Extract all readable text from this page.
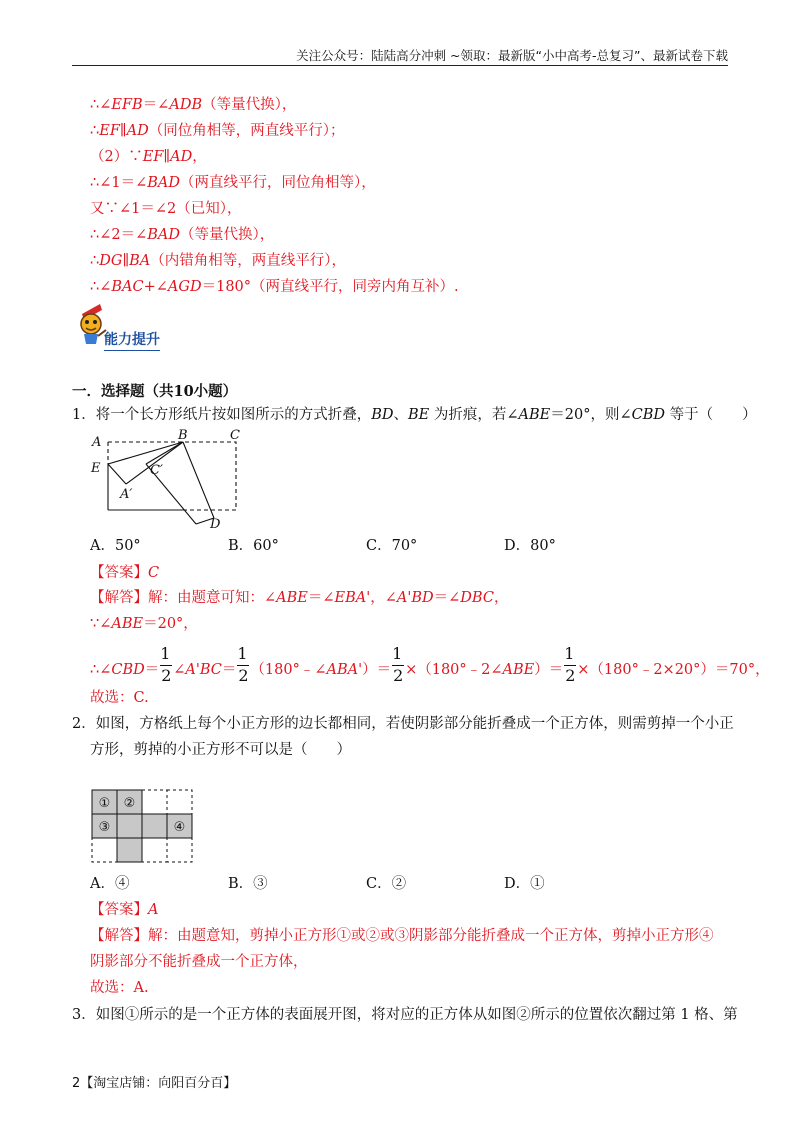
关注公众号：陆陆高分冲刺 ~领取：最新版“小中高考-总复习”、最新试卷下载
∴∠EFB＝∠ADB（等量代换），
∴EF∥AD（同位角相等，两直线平行）；
（2）∵EF∥AD，
∴∠1＝∠BAD（两直线平行，同位角相等），
又∵∠1＝∠2（已知），
∴∠2＝∠BAD（等量代换），
∴DG∥BA（内错角相等，两直线平行），
∴∠BAC+∠AGD＝180°（两直线平行，同旁内角互补）.
能力提升
一．选择题（共10小题）
1．将一个长方形纸片按如图所示的方式折叠，BD、BE 为折痕，若∠ABE＝20°，则∠CBD 等于（　　）
A	B	C
E	C′
A′
D
A．50°	B．60°	C．70°	D．80°
【答案】C
【解答】解：由题意可知：∠ABE＝∠EBA'，∠A'BD＝∠DBC，
∵∠ABE＝20°，
∴∠CBD＝ $\frac{1}{2}$ ∠A'BC＝ $\frac{1}{2}$ （180°﹣∠ABA'）＝ $\frac{1}{2}$ ×（180°﹣2∠ABE）＝ $\frac{1}{2}$ ×（180°﹣2×20°）＝70°，
故选：C.
2．如图，方格纸上每个小正方形的边长都相同，若使阴影部分能折叠成一个正方体，则需剪掉一个小正
方形，剪掉的小正方形不可以是（　　）
① ②
③	④
A．④	B．③	C．②	D．①
【答案】A
【解答】解：由题意知，剪掉小正方形①或②或③阴影部分能折叠成一个正方体，剪掉小正方形④
阴影部分不能折叠成一个正方体，
故选：A.
3．如图①所示的是一个正方体的表面展开图，将对应的正方体从如图②所示的位置依次翻过第 1 格、第
2【淘宝店铺：向阳百分百】
